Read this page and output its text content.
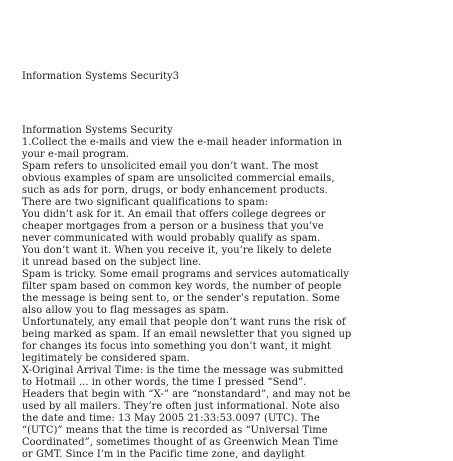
Information Systems Security3
Information Systems Security
1.Collect the e-mails and view the e-mail header information in
your e-mail program.
Spam refers to unsolicited email you don’t want. The most
obvious examples of spam are unsolicited commercial emails,
such as ads for porn, drugs, or body enhancement products.
There are two significant qualifications to spam:
You didn’t ask for it. An email that offers college degrees or
cheaper mortgages from a person or a business that you’ve
never communicated with would probably qualify as spam.
You don’t want it. When you receive it, you’re likely to delete
it unread based on the subject line.
Spam is tricky. Some email programs and services automatically
filter spam based on common key words, the number of people
the message is being sent to, or the sender’s reputation. Some
also allow you to flag messages as spam.
Unfortunately, any email that people don’t want runs the risk of
being marked as spam. If an email newsletter that you signed up
for changes its focus into something you don’t want, it might
legitimately be considered spam.
X-Original Arrival Time: is the time the message was submitted
to Hotmail ... in other words, the time I pressed “Send”.
Headers that begin with “X-” are “nonstandard”, and may not be
used by all mailers. They’re often just informational. Note also
the date and time: 13 May 2005 21:33:53.0097 (UTC). The
“(UTC)” means that the time is recorded as “Universal Time
Coordinated”, sometimes thought of as Greenwich Mean Time
or GMT. Since I’m in the Pacific time zone, and daylight
